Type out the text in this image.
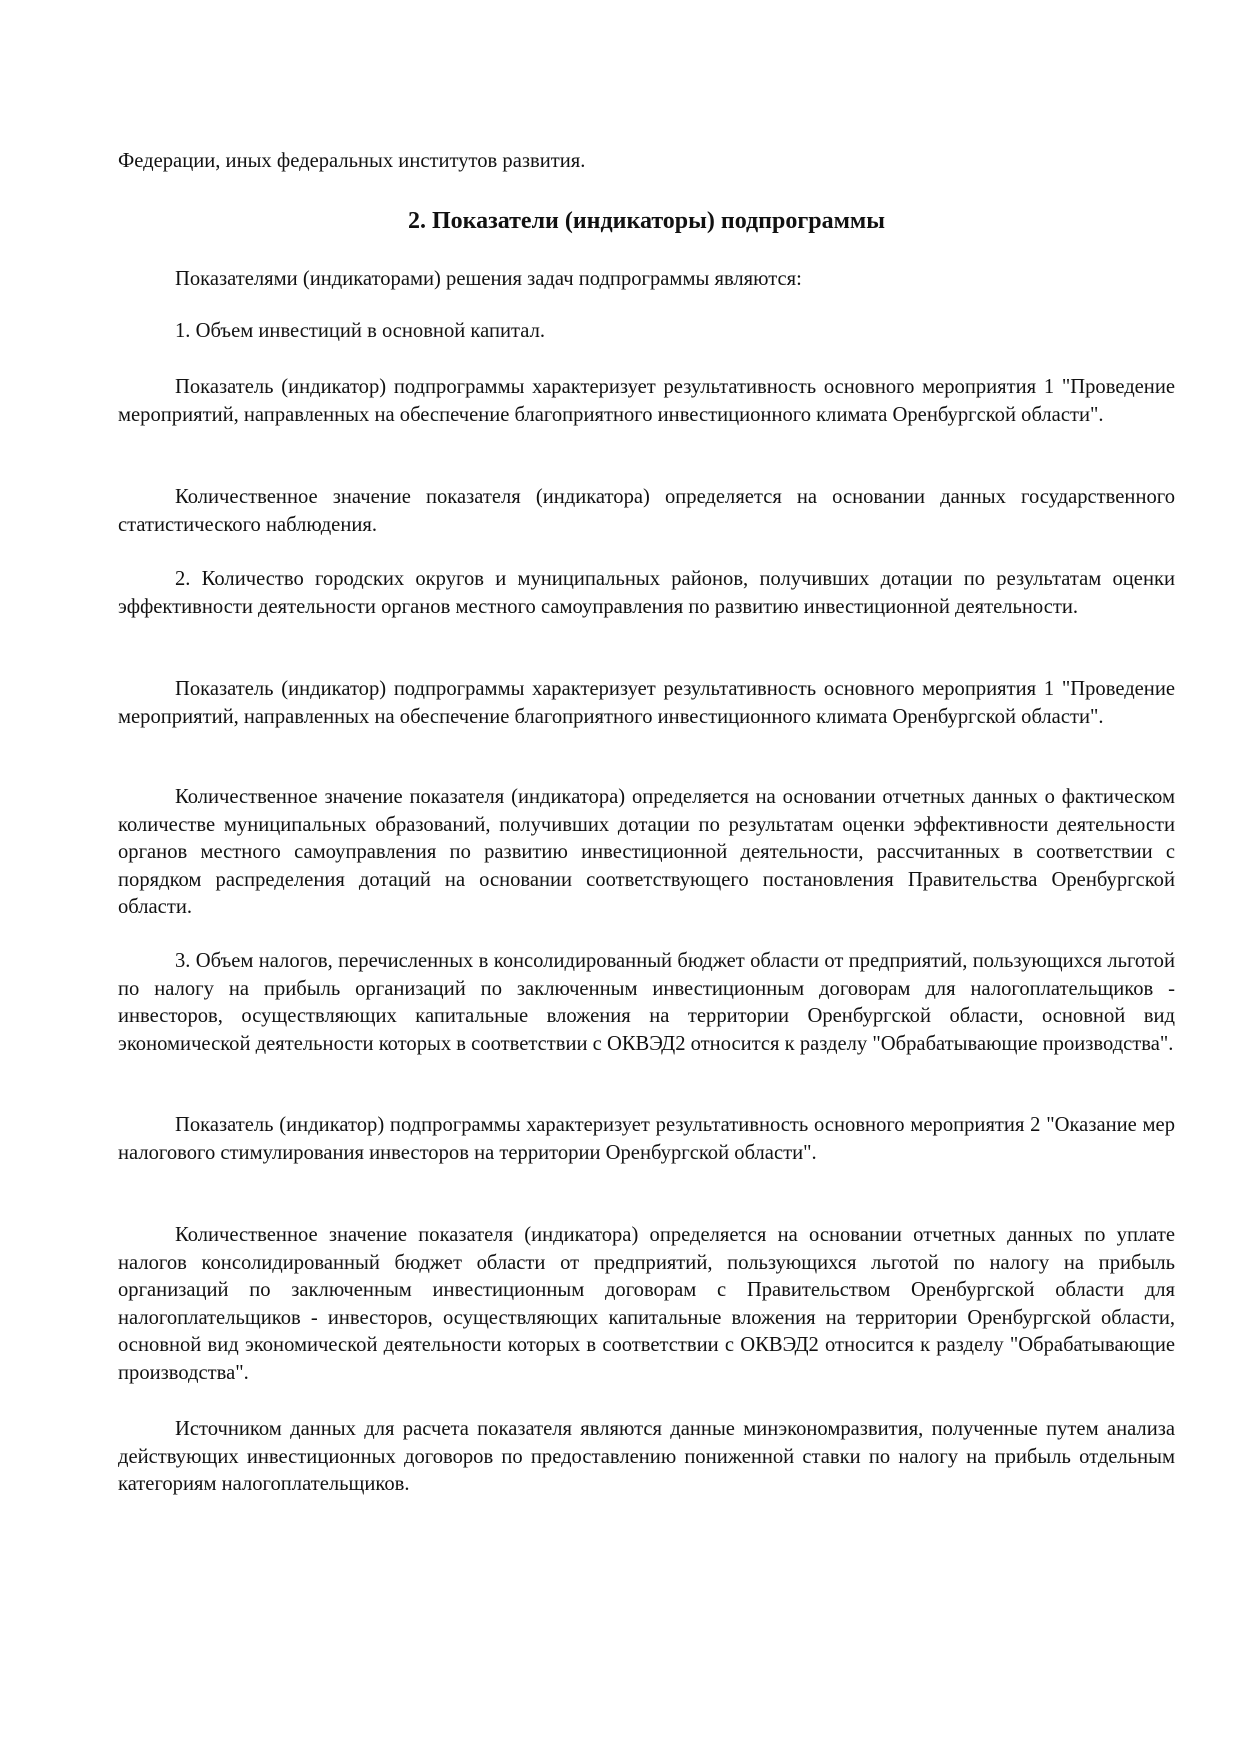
Федерации, иных федеральных институтов развития.

2. Показатели (индикаторы) подпрограммы

Показателями (индикаторами) решения задач подпрограммы являются:

1. Объем инвестиций в основной капитал.

Показатель (индикатор) подпрограммы характеризует результативность основного мероприятия 1 "Проведение мероприятий, направленных на обеспечение благоприятного инвестиционного климата Оренбургской области".

Количественное значение показателя (индикатора) определяется на основании данных государственного статистического наблюдения.

2. Количество городских округов и муниципальных районов, получивших дотации по результатам оценки эффективности деятельности органов местного самоуправления по развитию инвестиционной деятельности.

Показатель (индикатор) подпрограммы характеризует результативность основного мероприятия 1 "Проведение мероприятий, направленных на обеспечение благоприятного инвестиционного климата Оренбургской области".

Количественное значение показателя (индикатора) определяется на основании отчетных данных о фактическом количестве муниципальных образований, получивших дотации по результатам оценки эффективности деятельности органов местного самоуправления по развитию инвестиционной деятельности, рассчитанных в соответствии с порядком распределения дотаций на основании соответствующего постановления Правительства Оренбургской области.

3. Объем налогов, перечисленных в консолидированный бюджет области от предприятий, пользующихся льготой по налогу на прибыль организаций по заключенным инвестиционным договорам для налогоплательщиков - инвесторов, осуществляющих капитальные вложения на территории Оренбургской области, основной вид экономической деятельности которых в соответствии с ОКВЭД2 относится к разделу "Обрабатывающие производства".

Показатель (индикатор) подпрограммы характеризует результативность основного мероприятия 2 "Оказание мер налогового стимулирования инвесторов на территории Оренбургской области".

Количественное значение показателя (индикатора) определяется на основании отчетных данных по уплате налогов консолидированный бюджет области от предприятий, пользующихся льготой по налогу на прибыль организаций по заключенным инвестиционным договорам с Правительством Оренбургской области для налогоплательщиков - инвесторов, осуществляющих капитальные вложения на территории Оренбургской области, основной вид экономической деятельности которых в соответствии с ОКВЭД2 относится к разделу "Обрабатывающие производства".

Источником данных для расчета показателя являются данные минэкономразвития, полученные путем анализа действующих инвестиционных договоров по предоставлению пониженной ставки по налогу на прибыль отдельным категориям налогоплательщиков.
